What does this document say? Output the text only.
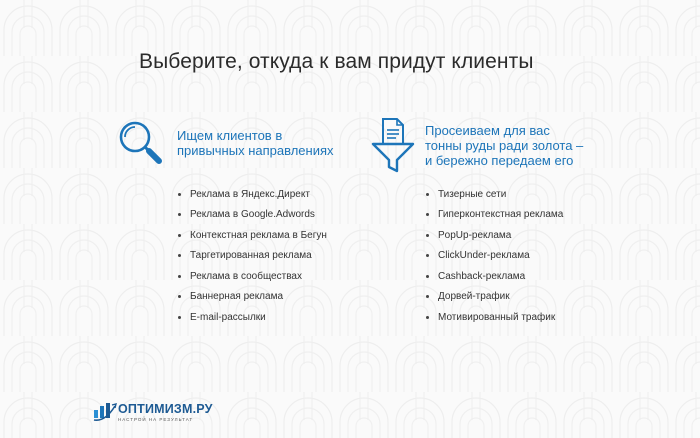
Выберите, откуда к вам придут клиенты
Ищем клиентов в
привычных направлениях
Реклама в Яндекс.Директ
Реклама в Google.Adwords
Контекстная реклама в Бегун
Таргетированная реклама
Реклама в сообществах
Баннерная реклама
E-mail-рассылки
Просеиваем для вас
тонны руды ради золота –
и бережно передаем его
Тизерные сети
Гиперконтекстная реклама
PopUp-реклама
ClickUnder-реклама
Cashback-реклама
Дорвей-трафик
Мотивированный трафик
ОПТИМИЗМ.РУ
НАСТРОЙ НА РЕЗУЛЬТАТ
